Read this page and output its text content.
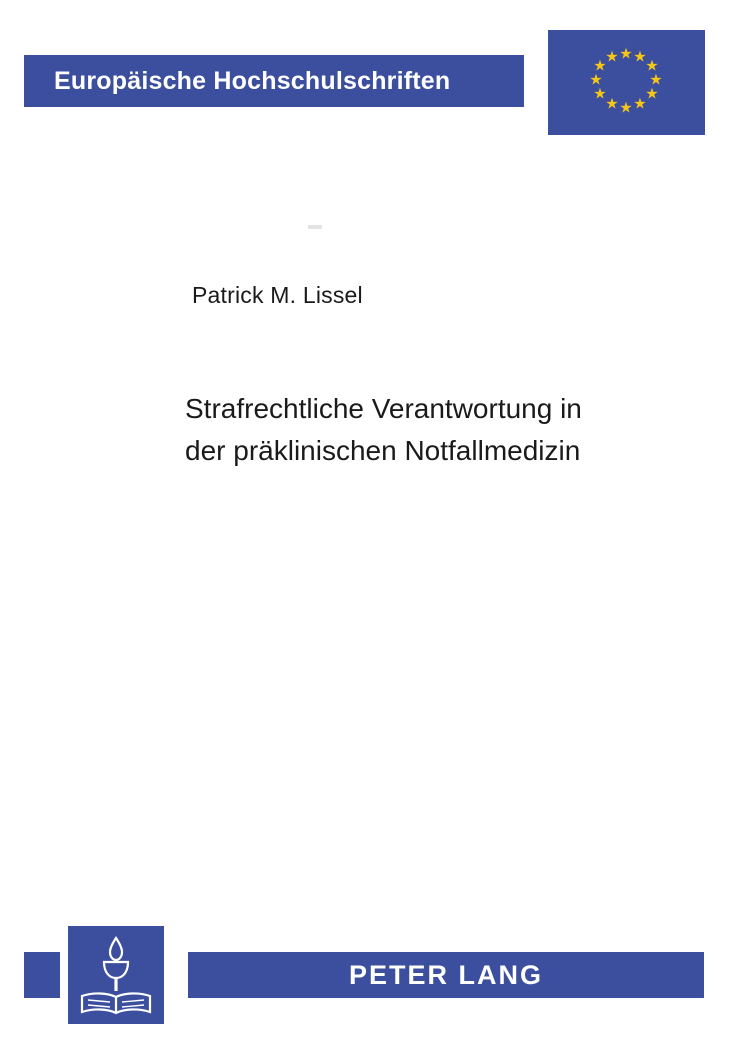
Europäische Hochschulschriften
★ ★
★
★
★
★
★
★
★
★
★
★
Patrick M. Lissel
Strafrechtliche Verantwortung in
der präklinischen Notfallmedizin
PETER LANG
